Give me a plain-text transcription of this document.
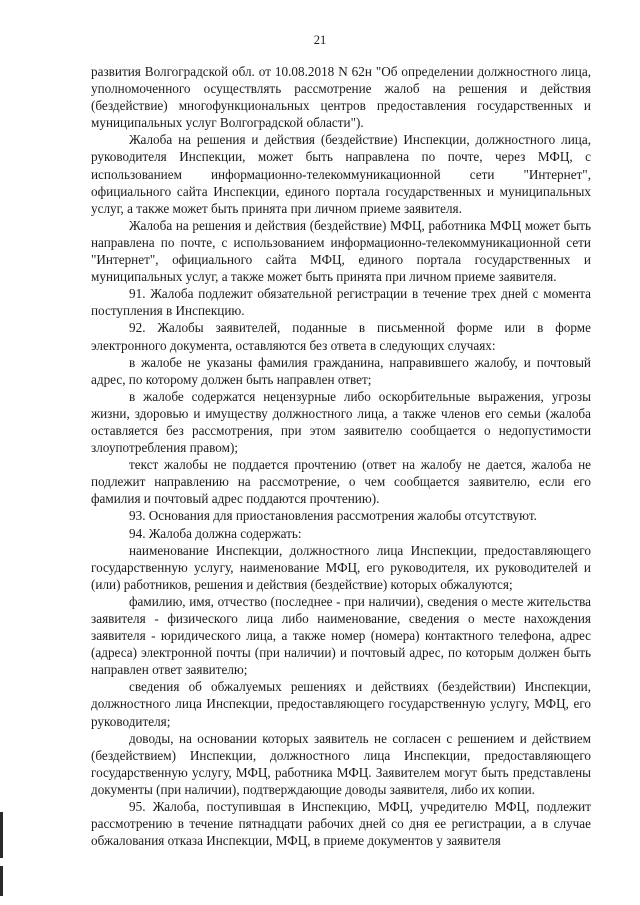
21

развития Волгоградской обл. от 10.08.2018 N 62н "Об определении должностного лица, уполномоченного осуществлять рассмотрение жалоб на решения и действия (бездействие) многофункциональных центров предоставления государственных и муниципальных услуг Волгоградской области").

Жалоба на решения и действия (бездействие) Инспекции, должностного лица, руководителя Инспекции, может быть направлена по почте, через МФЦ, с использованием информационно-телекоммуникационной сети "Интернет", официального сайта Инспекции, единого портала государственных и муниципальных услуг, а также может быть принята при личном приеме заявителя.

Жалоба на решения и действия (бездействие) МФЦ, работника МФЦ может быть направлена по почте, с использованием информационно-телекоммуникационной сети "Интернет", официального сайта МФЦ, единого портала государственных и муниципальных услуг, а также может быть принята при личном приеме заявителя.

91. Жалоба подлежит обязательной регистрации в течение трех дней с момента поступления в Инспекцию.

92. Жалобы заявителей, поданные в письменной форме или в форме электронного документа, оставляются без ответа в следующих случаях:

в жалобе не указаны фамилия гражданина, направившего жалобу, и почтовый адрес, по которому должен быть направлен ответ;

в жалобе содержатся нецензурные либо оскорбительные выражения, угрозы жизни, здоровью и имуществу должностного лица, а также членов его семьи (жалоба оставляется без рассмотрения, при этом заявителю сообщается о недопустимости злоупотребления правом);

текст жалобы не поддается прочтению (ответ на жалобу не дается, жалоба не подлежит направлению на рассмотрение, о чем сообщается заявителю, если его фамилия и почтовый адрес поддаются прочтению).

93. Основания для приостановления рассмотрения жалобы отсутствуют.

94. Жалоба должна содержать:

наименование Инспекции, должностного лица Инспекции, предоставляющего государственную услугу, наименование МФЦ, его руководителя, их руководителей и (или) работников, решения и действия (бездействие) которых обжалуются;

фамилию, имя, отчество (последнее - при наличии), сведения о месте жительства заявителя - физического лица либо наименование, сведения о месте нахождения заявителя - юридического лица, а также номер (номера) контактного телефона, адрес (адреса) электронной почты (при наличии) и почтовый адрес, по которым должен быть направлен ответ заявителю;

сведения об обжалуемых решениях и действиях (бездействии) Инспекции, должностного лица Инспекции, предоставляющего государственную услугу, МФЦ, его руководителя;

доводы, на основании которых заявитель не согласен с решением и действием (бездействием) Инспекции, должностного лица Инспекции, предоставляющего государственную услугу, МФЦ, работника МФЦ. Заявителем могут быть представлены документы (при наличии), подтверждающие доводы заявителя, либо их копии.

95. Жалоба, поступившая в Инспекцию, МФЦ, учредителю МФЦ, подлежит рассмотрению в течение пятнадцати рабочих дней со дня ее регистрации, а в случае обжалования отказа Инспекции, МФЦ, в приеме документов у заявителя
